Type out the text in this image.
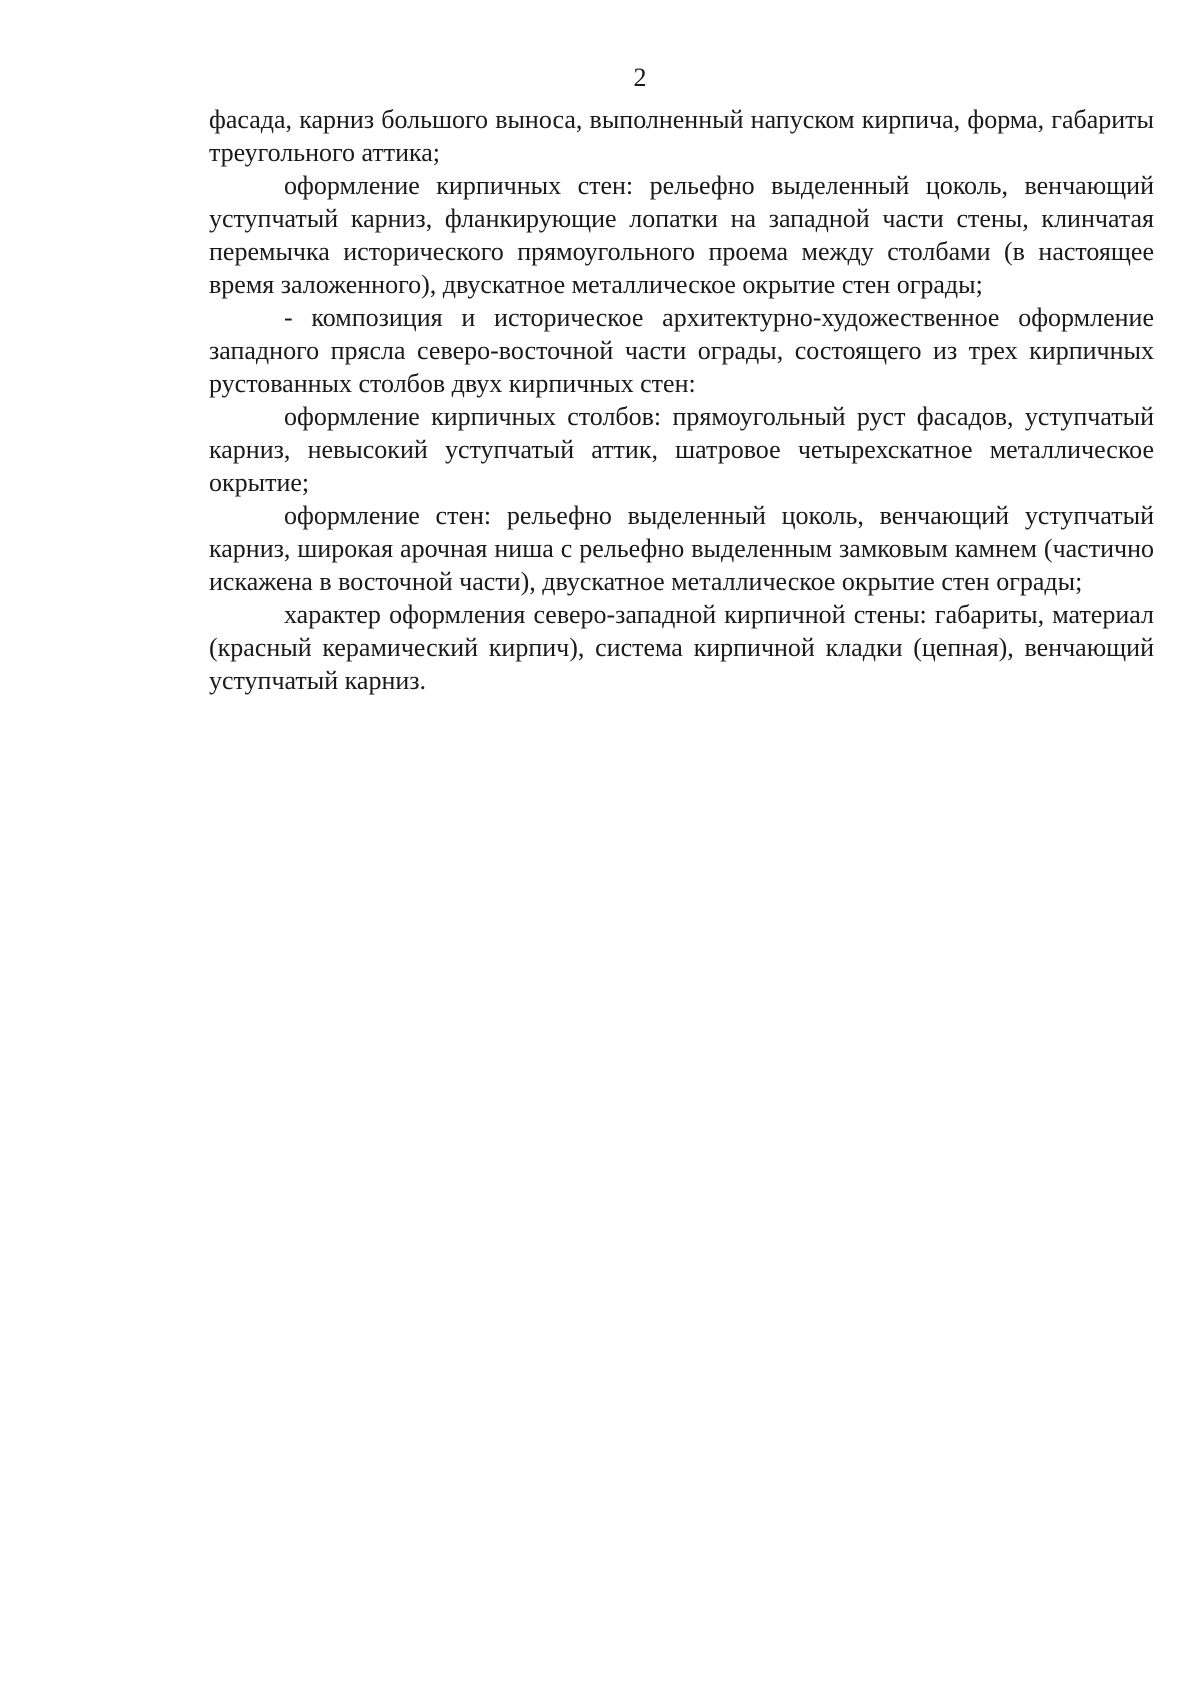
2

фасада, карниз большого выноса, выполненный напуском кирпича, форма, габариты треугольного аттика;

оформление кирпичных стен: рельефно выделенный цоколь, венчающий уступчатый карниз, фланкирующие лопатки на западной части стены, клинчатая перемычка исторического прямоугольного проема между столбами (в настоящее время заложенного), двускатное металлическое окрытие стен ограды;

- композиция и историческое архитектурно-художественное оформление западного прясла северо-восточной части ограды, состоящего из трех кирпичных рустованных столбов двух кирпичных стен:

оформление кирпичных столбов: прямоугольный руст фасадов, уступчатый карниз, невысокий уступчатый аттик, шатровое четырехскатное металлическое окрытие;

оформление стен: рельефно выделенный цоколь, венчающий уступчатый карниз, широкая арочная ниша с рельефно выделенным замковым камнем (частично искажена в восточной части), двускатное металлическое окрытие стен ограды;

характер оформления северо-западной кирпичной стены: габариты, материал (красный керамический кирпич), система кирпичной кладки (цепная), венчающий уступчатый карниз.
